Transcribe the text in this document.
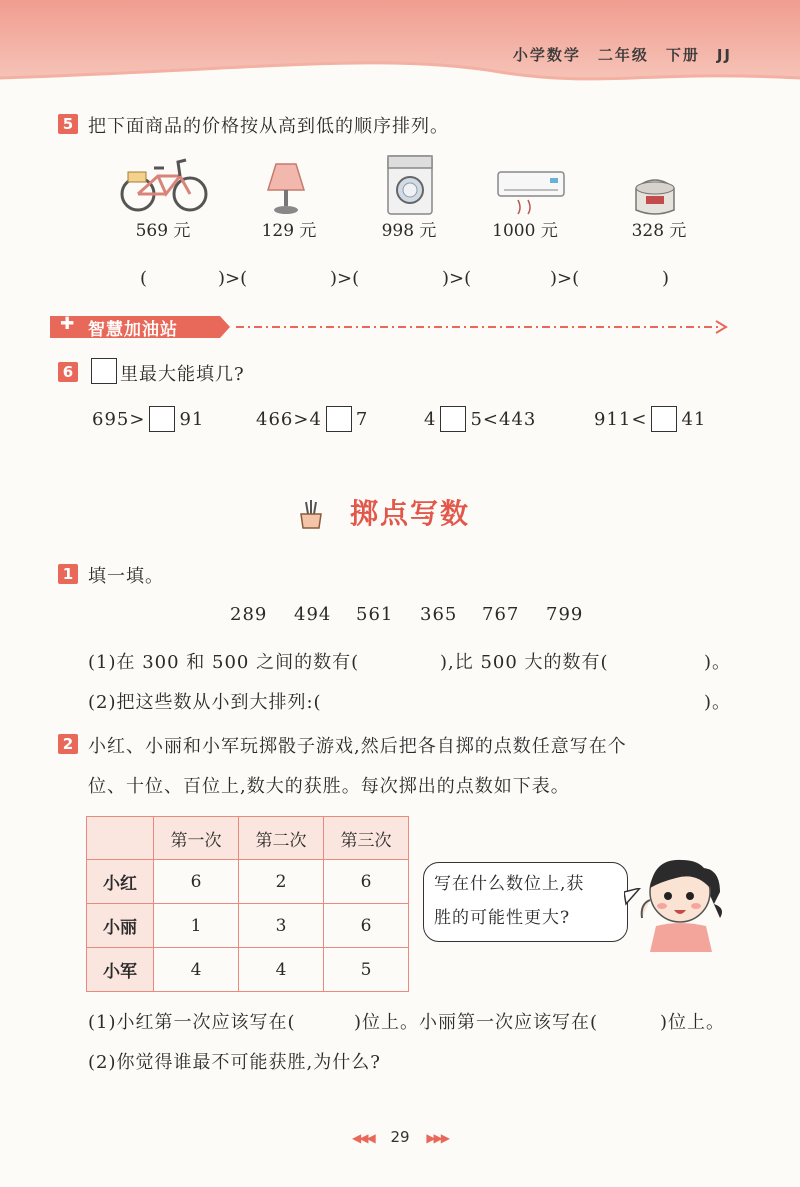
小学数学　二年级　下册　JJ
5 把下面商品的价格按从高到低的顺序排列。
569 元	129 元	998 元	1000 元	328 元
(	)>(	)>(	)>(	)>(	)
✚ 智慧加油站
6	里最大能填几?
695> 91	466>4 7	4 5<443	911< 41
掷点写数
1 填一填。
289 494 561 365 767 799
(1)在 300 和 500 之间的数有(	),比 500 大的数有(	)。
(2)把这些数从小到大排列:(	)。
2 小红、小丽和小军玩掷骰子游戏,然后把各自掷的点数任意写在个
位、十位、百位上,数大的获胜。每次掷出的点数如下表。
	第一次	第二次	第三次
小红	6	2	6
小丽	1	3	6
小军	4	4	5
写在什么数位上,获
胜的可能性更大?
(1)小红第一次应该写在(	)位上。小丽第一次应该写在(	)位上。
(2)你觉得谁最不可能获胜,为什么?
◀◀◀ 29 ▶▶▶
